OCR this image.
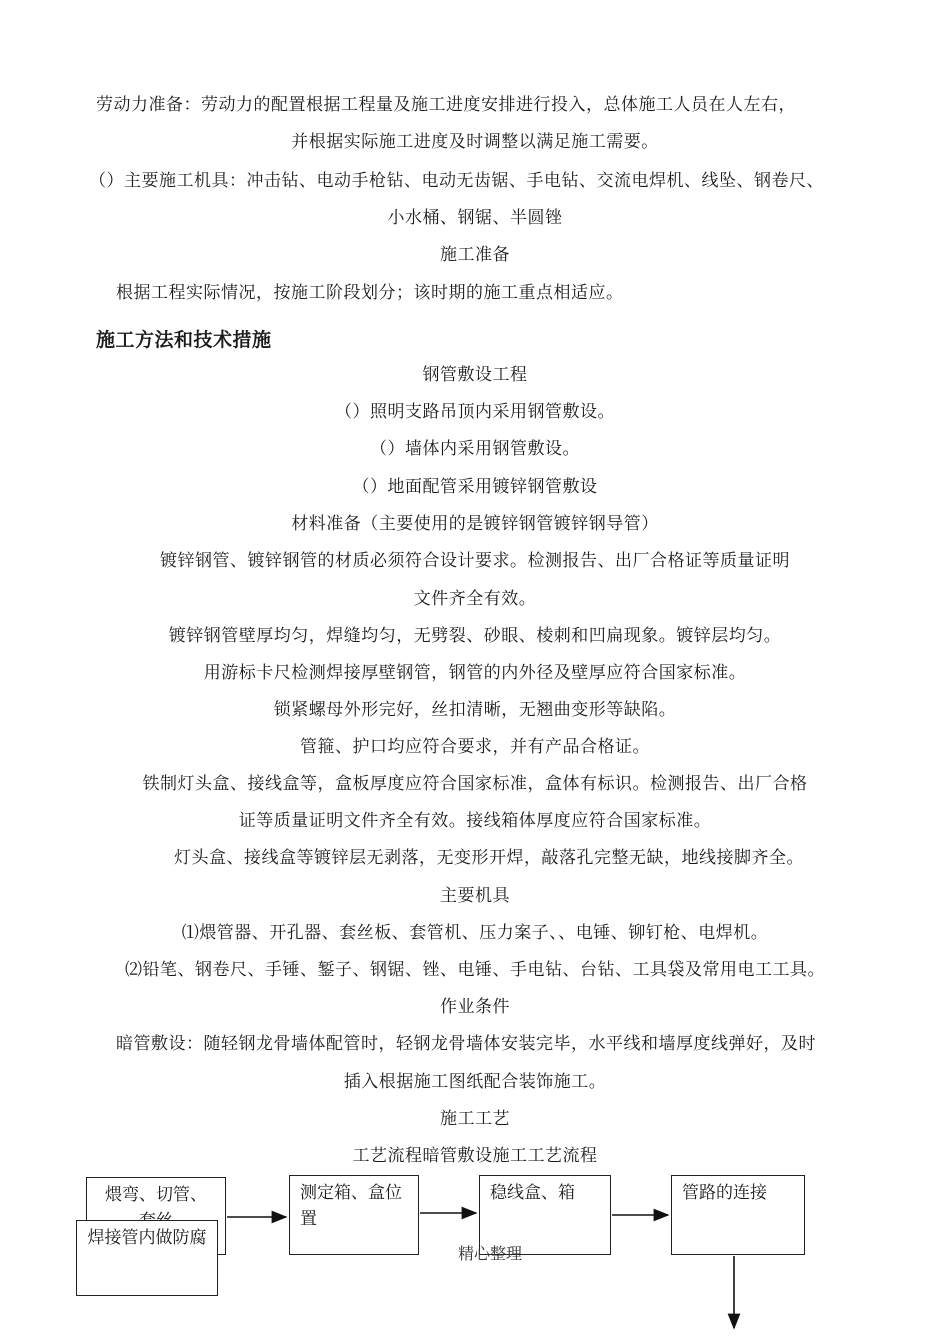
劳动力准备：劳动力的配置根据工程量及施工进度安排进行投入，总体施工人员在人左右，
并根据实际施工进度及时调整以满足施工需要。
（）主要施工机具：冲击钻、电动手枪钻、电动无齿锯、手电钻、交流电焊机、线坠、钢卷尺、
小水桶、钢锯、半圆锉
施工准备
根据工程实际情况，按施工阶段划分；该时期的施工重点相适应。
施工方法和技术措施
钢管敷设工程
（）照明支路吊顶内采用钢管敷设。
（）墙体内采用钢管敷设。
（）地面配管采用镀锌钢管敷设
材料准备（主要使用的是镀锌钢管镀锌钢导管）
镀锌钢管、镀锌钢管的材质必须符合设计要求。检测报告、出厂合格证等质量证明
文件齐全有效。
镀锌钢管壁厚均匀，焊缝均匀，无劈裂、砂眼、棱刺和凹扁现象。镀锌层均匀。
用游标卡尺检测焊接厚壁钢管，钢管的内外径及壁厚应符合国家标准。
锁紧螺母外形完好，丝扣清晰，无翘曲变形等缺陷。
管箍、护口均应符合要求，并有产品合格证。
铁制灯头盒、接线盒等，盒板厚度应符合国家标准，盒体有标识。检测报告、出厂合格
证等质量证明文件齐全有效。接线箱体厚度应符合国家标准。
灯头盒、接线盒等镀锌层无剥落，无变形开焊，敲落孔完整无缺，地线接脚齐全。
主要机具
⑴煨管器、开孔器、套丝板、套管机、压力案子、、电锤、铆钉枪、电焊机。
⑵铅笔、钢卷尺、手锤、錾子、钢锯、锉、电锤、手电钻、台钻、工具袋及常用电工工具。
作业条件
暗管敷设：随轻钢龙骨墙体配管时，轻钢龙骨墙体安装完毕，水平线和墙厚度线弹好，及时
插入根据施工图纸配合装饰施工。
施工工艺
工艺流程暗管敷设施工工艺流程
煨弯、切管、
焊接管内做防腐
测定箱、盒位置
稳线盒、箱	管路的连接
精心整理
